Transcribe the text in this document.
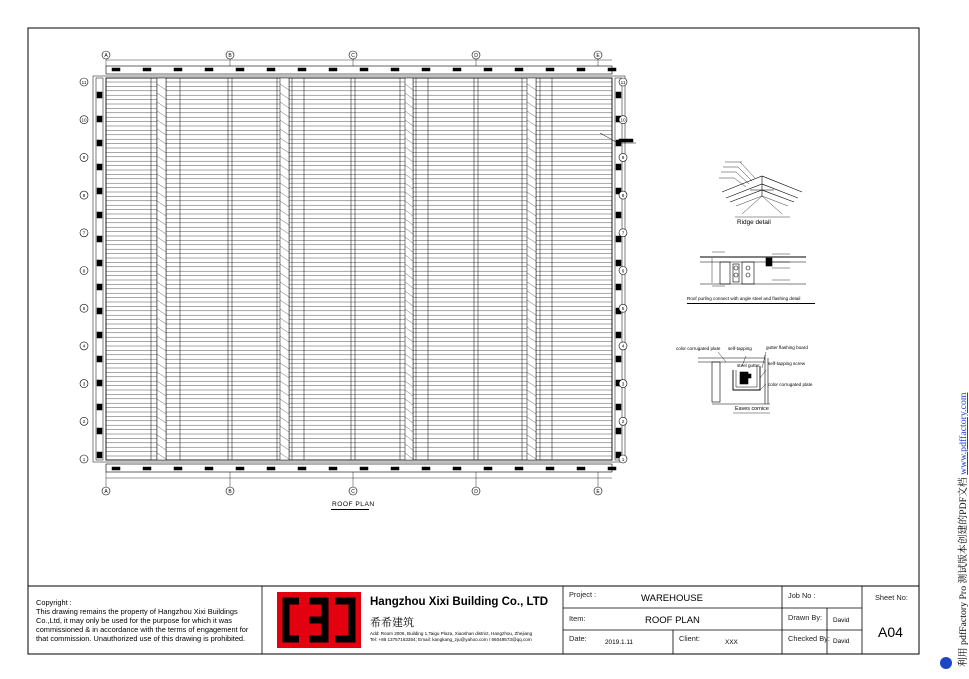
A
A
B
B
C
C
D
D
E
E
1	1
2	2
3	3
4	4
5	5
6	6
7	7
8	8
9	9
10	10
11	11
ROOF PLAN
Ridge detail
Roof purling connect with angle steel and flashing detail
color corrugated plate self-tapping	gutter flashing board
steel gutter self-tapping screw
color corrugated plate
Eaves cornice
Copyright :
This drawing remains the property of Hangzhou Xixi Buildings
Co.,Ltd, it may only be used for the purpose for which it was
commissioned & in accordance with the terms of engagement for
that commission. Unauthorized use of this drawing is prohibited.
Hangzhou Xixi Building Co., LTD
希希建筑
Add: Room 2006, Building 1,Taigu Plaza, Xiaoshan district, Hangzhou, Zhejiang
Tel: +86 13757163354; Email: kangkang_zju@yahoo.com / 66049573@qq.com
Project :	WAREHOUSE
Item:	ROOF PLAN
Date:	2019.1.11	Client:	XXX
Job No :
Drawn By: David
Checked By: David
Sheet No:
A04	利用 pdfFactory Pro 测试版本创建的PDF文档 www.pdffactory.com
